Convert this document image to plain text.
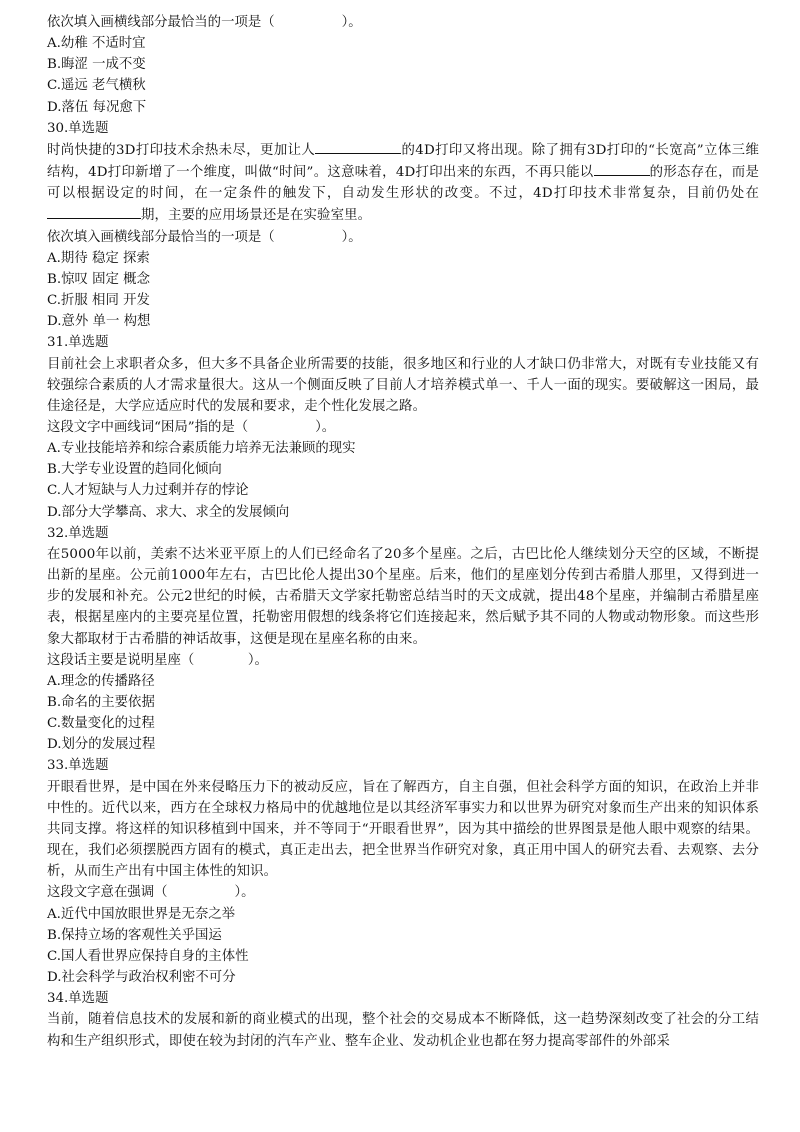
依次填入画横线部分最恰当的一项是（　　　　　）。
A.幼稚 不适时宜
B.晦涩 一成不变
C.遥远 老气横秋
D.落伍 每况愈下
30.单选题
时尚快捷的3D打印技术余热未尽，更加让人	的4D打印又将出现。除了拥有3D打印的“长宽高”立体三维结构，4D打印新增了一个维度，叫做“时间”。这意味着，4D打印出来的东西，不再只能以	的形态存在，而是可以根据设定的时间，在一定条件的触发下，自动发生形状的改变。不过，4D打印技术非常复杂，目前仍处在期，主要的应用场景还是在实验室里。
依次填入画横线部分最恰当的一项是（　　　　　）。
A.期待 稳定 探索
B.惊叹 固定 概念
C.折服 相同 开发
D.意外 单一 构想
31.单选题
目前社会上求职者众多，但大多不具备企业所需要的技能，很多地区和行业的人才缺口仍非常大，对既有专业技能又有较强综合素质的人才需求量很大。这从一个侧面反映了目前人才培养模式单一、千人一面的现实。要破解这一困局，最佳途径是，大学应适应时代的发展和要求，走个性化发展之路。
这段文字中画线词“困局”指的是（　　　　　）。
A.专业技能培养和综合素质能力培养无法兼顾的现实
B.大学专业设置的趋同化倾向
C.人才短缺与人力过剩并存的悖论
D.部分大学攀高、求大、求全的发展倾向
32.单选题
在5000年以前，美索不达米亚平原上的人们已经命名了20多个星座。之后，古巴比伦人继续划分天空的区域，不断提出新的星座。公元前1000年左右，古巴比伦人提出30个星座。后来，他们的星座划分传到古希腊人那里，又得到进一步的发展和补充。公元2世纪的时候，古希腊天文学家托勒密总结当时的天文成就，提出48个星座，并编制古希腊星座表，根据星座内的主要亮星位置，托勒密用假想的线条将它们连接起来，然后赋予其不同的人物或动物形象。而这些形象大都取材于古希腊的神话故事，这便是现在星座名称的由来。
这段话主要是说明星座（　　　　）。
A.理念的传播路径
B.命名的主要依据
C.数量变化的过程
D.划分的发展过程
33.单选题
开眼看世界，是中国在外来侵略压力下的被动反应，旨在了解西方，自主自强，但社会科学方面的知识，在政治上并非中性的。近代以来，西方在全球权力格局中的优越地位是以其经济军事实力和以世界为研究对象而生产出来的知识体系共同支撑。将这样的知识移植到中国来，并不等同于“开眼看世界”，因为其中描绘的世界图景是他人眼中观察的结果。现在，我们必须摆脱西方固有的模式，真正走出去，把全世界当作研究对象，真正用中国人的研究去看、去观察、去分析，从而生产出有中国主体性的知识。
这段文字意在强调（　　　　　）。
A.近代中国放眼世界是无奈之举
B.保持立场的客观性关乎国运
C.国人看世界应保持自身的主体性
D.社会科学与政治权利密不可分
34.单选题
当前，随着信息技术的发展和新的商业模式的出现，整个社会的交易成本不断降低，这一趋势深刻改变了社会的分工结构和生产组织形式，即使在较为封闭的汽车产业、整车企业、发动机企业也都在努力提高零部件的外部采
